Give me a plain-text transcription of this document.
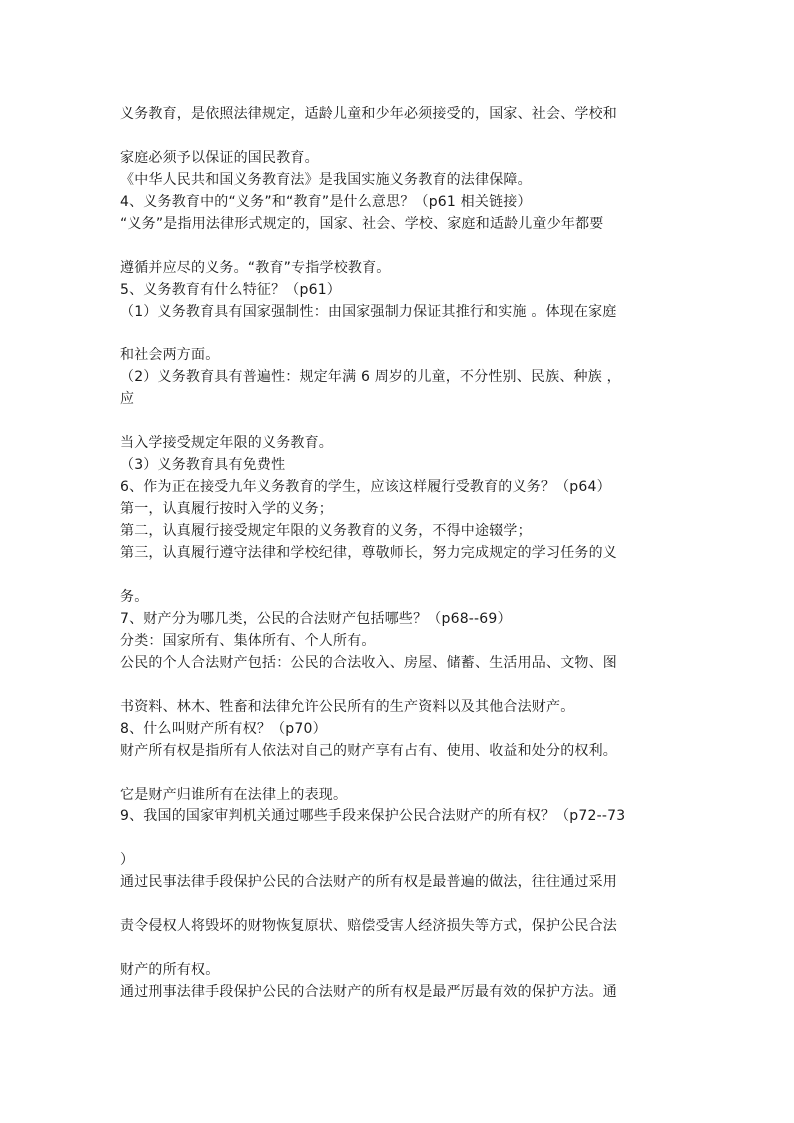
义务教育，是依照法律规定，适龄儿童和少年必须接受的，国家、社会、学校和

家庭必须予以保证的国民教育。

《中华人民共和国义务教育法》是我国实施义务教育的法律保障。

4、义务教育中的“义务”和“教育”是什么意思？（p61 相关链接）

“义务”是指用法律形式规定的，国家、社会、学校、家庭和适龄儿童少年都要

遵循并应尽的义务。“教育”专指学校教育。

5、义务教育有什么特征？（p61）

（1）义务教育具有国家强制性：由国家强制力保证其推行和实施 。体现在家庭

和社会两方面。

（2）义务教育具有普遍性：规定年满 6 周岁的儿童，不分性别、民族、种族 ，

应

当入学接受规定年限的义务教育。

（3）义务教育具有免费性

6、作为正在接受九年义务教育的学生，应该这样履行受教育的义务？（p64）

第一，认真履行按时入学的义务；

第二，认真履行接受规定年限的义务教育的义务，不得中途辍学；

第三，认真履行遵守法律和学校纪律，尊敬师长，努力完成规定的学习任务的义

务。

7、财产分为哪几类，公民的合法财产包括哪些？（p68--69）

分类：国家所有、集体所有、个人所有。

公民的个人合法财产包括：公民的合法收入、房屋、储蓄、生活用品、文物、图

书资料、林木、牲畜和法律允许公民所有的生产资料以及其他合法财产。

8、什么叫财产所有权？（p70）

财产所有权是指所有人依法对自己的财产享有占有、使用、收益和处分的权利。

它是财产归谁所有在法律上的表现。

9、我国的国家审判机关通过哪些手段来保护公民合法财产的所有权？（p72--73

）

通过民事法律手段保护公民的合法财产的所有权是最普遍的做法，往往通过采用

责令侵权人将毁坏的财物恢复原状、赔偿受害人经济损失等方式，保护公民合法

财产的所有权。

通过刑事法律手段保护公民的合法财产的所有权是最严厉最有效的保护方法。通
